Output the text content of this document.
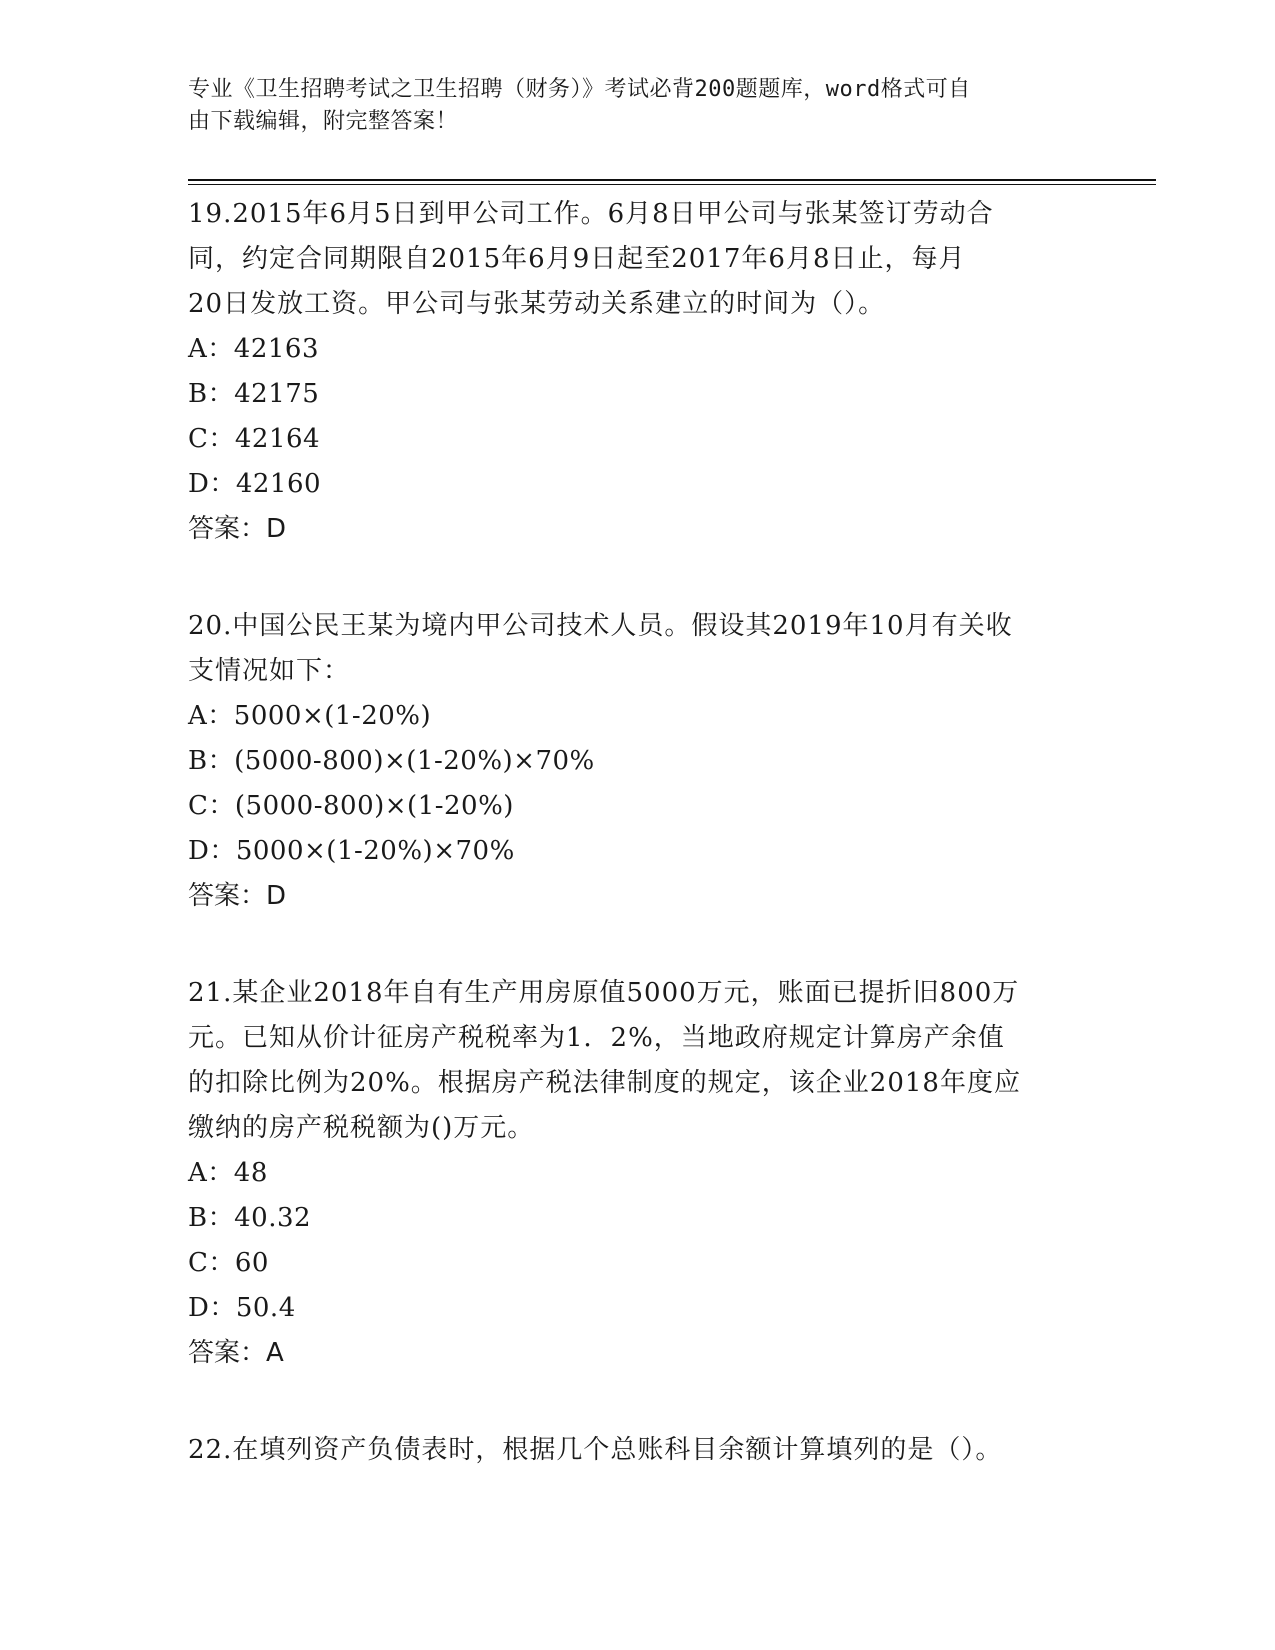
专业《卫生招聘考试之卫生招聘（财务）》考试必背200题题库，word格式可自
由下载编辑，附完整答案！

19.2015年6月5日到甲公司工作。6月8日甲公司与张某签订劳动合

同，约定合同期限自2015年6月9日起至2017年6月8日止，每月

20日发放工资。甲公司与张某劳动关系建立的时间为（）。

A：42163

B：42175

C：42164

D：42160

答案：D

20.中国公民王某为境内甲公司技术人员。假设其2019年10月有关收

支情况如下：

A：5000×(1-20%)

B：(5000-800)×(1-20%)×70%

C：(5000-800)×(1-20%)

D：5000×(1-20%)×70%

答案：D

21.某企业2018年自有生产用房原值5000万元，账面已提折旧800万

元。已知从价计征房产税税率为1．2%，当地政府规定计算房产余值

的扣除比例为20%。根据房产税法律制度的规定，该企业2018年度应

缴纳的房产税税额为()万元。

A：48

B：40.32

C：60

D：50.4

答案：A

22.在填列资产负债表时，根据几个总账科目余额计算填列的是（）。
